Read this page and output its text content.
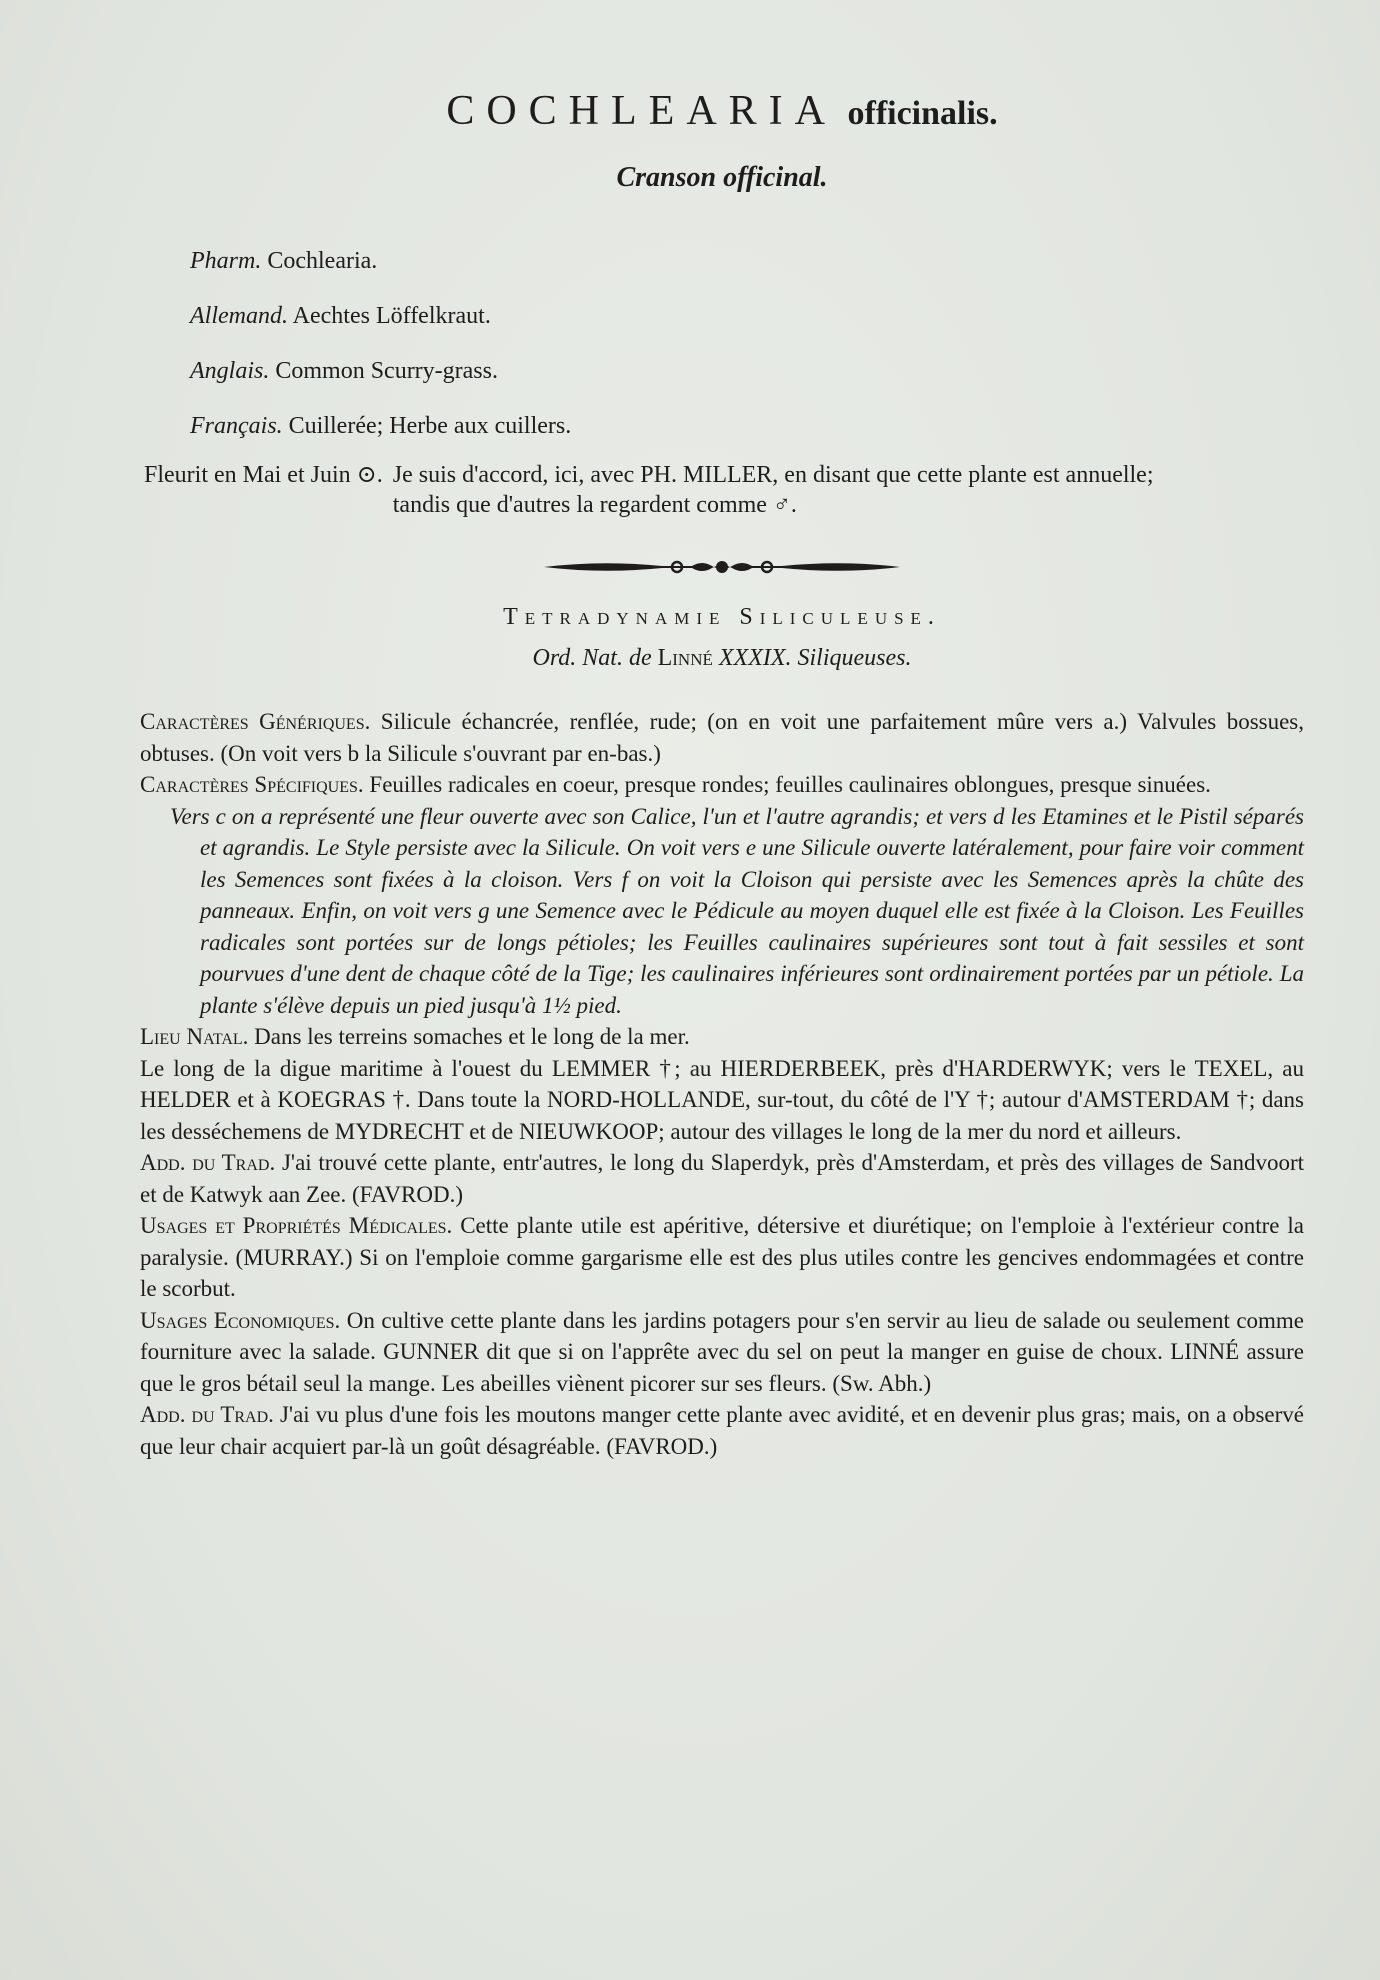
COCHLEARIA officinalis.
Cranson officinal.
Pharm. Cochlearia.
Allemand. Aechtes Löffelkraut.
Anglais. Common Scurry-grass.
Français. Cuillerée; Herbe aux cuillers.
Fleurit en Mai et Juin ⊙. Je suis d'accord, ici, avec PH. MILLER, en disant que cette plante est annuelle; tandis que d'autres la regardent comme ♂.
Tetradynamie Siliculeuse.
Ord. Nat. de Linné XXXIX. Siliqueuses.

Caractères Génériques. Silicule échancrée, renflée, rude; (on en voit une parfaitement mûre vers a.) Valvules bossues, obtuses. (On voit vers b la Silicule s'ouvrant par en-bas.)

Caractères Spécifiques. Feuilles radicales en coeur, presque rondes; feuilles caulinaires oblongues, presque sinuées.

Vers c on a représenté une fleur ouverte avec son Calice, l'un et l'autre agrandis; et vers d les Etamines et le Pistil séparés et agrandis. Le Style persiste avec la Silicule. On voit vers e une Silicule ouverte latéralement, pour faire voir comment les Semences sont fixées à la cloison. Vers f on voit la Cloison qui persiste avec les Semences après la chûte des panneaux. Enfin, on voit vers g une Semence avec le Pédicule au moyen duquel elle est fixée à la Cloison. Les Feuilles radicales sont portées sur de longs pétioles; les Feuilles caulinaires supérieures sont tout à fait sessiles et sont pourvues d'une dent de chaque côté de la Tige; les caulinaires inférieures sont ordinairement portées par un pétiole. La plante s'élève depuis un pied jusqu'à 1½ pied.

Lieu Natal. Dans les terreins somaches et le long de la mer.

Le long de la digue maritime à l'ouest du LEMMER †; au HIERDERBEEK, près d'HARDERWYK; vers le TEXEL, au HELDER et à KOEGRAS †. Dans toute la NORD-HOLLANDE, sur-tout, du côté de l'Y †; autour d'AMSTERDAM †; dans les desséchemens de MYDRECHT et de NIEUWKOOP; autour des villages le long de la mer du nord et ailleurs.

Add. du Trad. J'ai trouvé cette plante, entr'autres, le long du Slaperdyk, près d'Amsterdam, et près des villages de Sandvoort et de Katwyk aan Zee. (FAVROD.)

Usages et Propriétés Médicales. Cette plante utile est apéritive, détersive et diurétique; on l'emploie à l'extérieur contre la paralysie. (MURRAY.) Si on l'emploie comme gargarisme elle est des plus utiles contre les gencives endommagées et contre le scorbut.

Usages Economiques. On cultive cette plante dans les jardins potagers pour s'en servir au lieu de salade ou seulement comme fourniture avec la salade. GUNNER dit que si on l'apprête avec du sel on peut la manger en guise de choux. LINNÉ assure que le gros bétail seul la mange. Les abeilles viènent picorer sur ses fleurs. (Sw. Abh.)

Add. du Trad. J'ai vu plus d'une fois les moutons manger cette plante avec avidité, et en devenir plus gras; mais, on a observé que leur chair acquiert par-là un goût désagréable. (FAVROD.)
